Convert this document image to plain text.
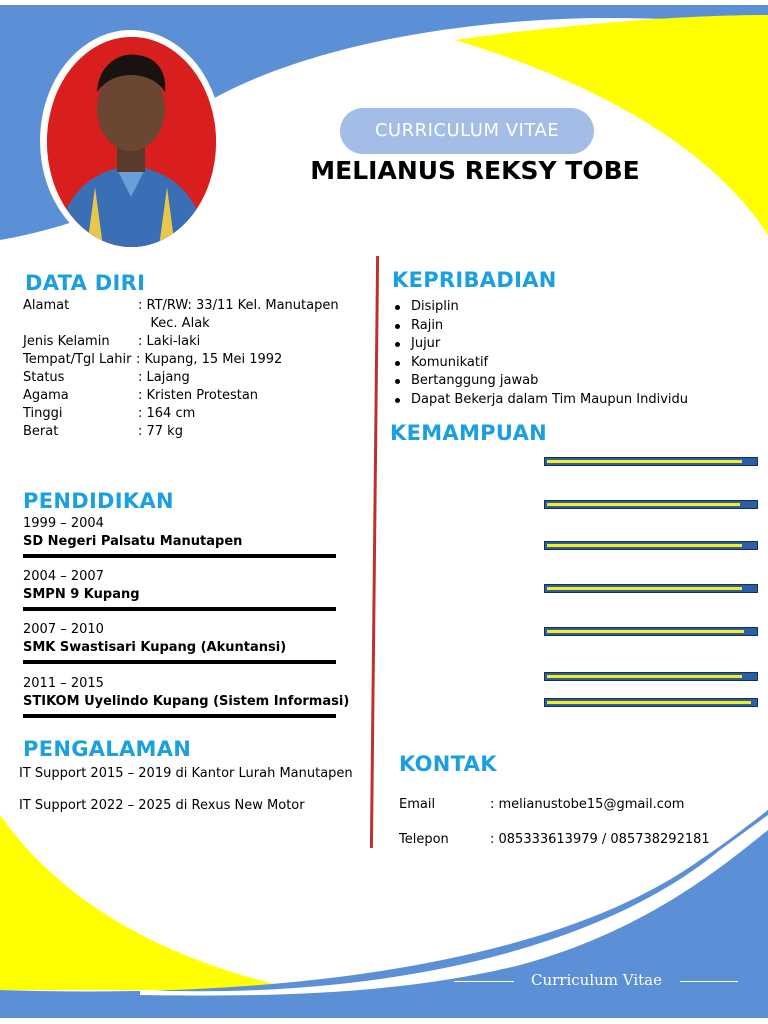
CURRICULUM VITAE
MELIANUS REKSY TOBE
DATA DIRI
Alamat	: RT/RW: 33/11 Kel. Manutapen
Kec. Alak
Jenis Kelamin : Laki-laki
Tempat/Tgl Lahir : Kupang, 15 Mei 1992
Status	: Lajang
Agama	: Kristen Protestan
Tinggi	: 164 cm
Berat	: 77 kg
PENDIDIKAN
1999 – 2004
SD Negeri Palsatu Manutapen
2004 – 2007
SMPN 9 Kupang
2007 – 2010
SMK Swastisari Kupang (Akuntansi)
2011 – 2015
STIKOM Uyelindo Kupang (Sistem Informasi)
PENGALAMAN
IT Support 2015 – 2019 di Kantor Lurah Manutapen
IT Support 2022 – 2025 di Rexus New Motor
KEPRIBADIAN
Disiplin
Rajin
Jujur
Komunikatif
Bertanggung jawab
Dapat Bekerja dalam Tim Maupun Individu
KEMAMPUAN
KONTAK
Email	: melianustobe15@gmail.com
Telepon	: 085333613979 / 085738292181
Curriculum Vitae
